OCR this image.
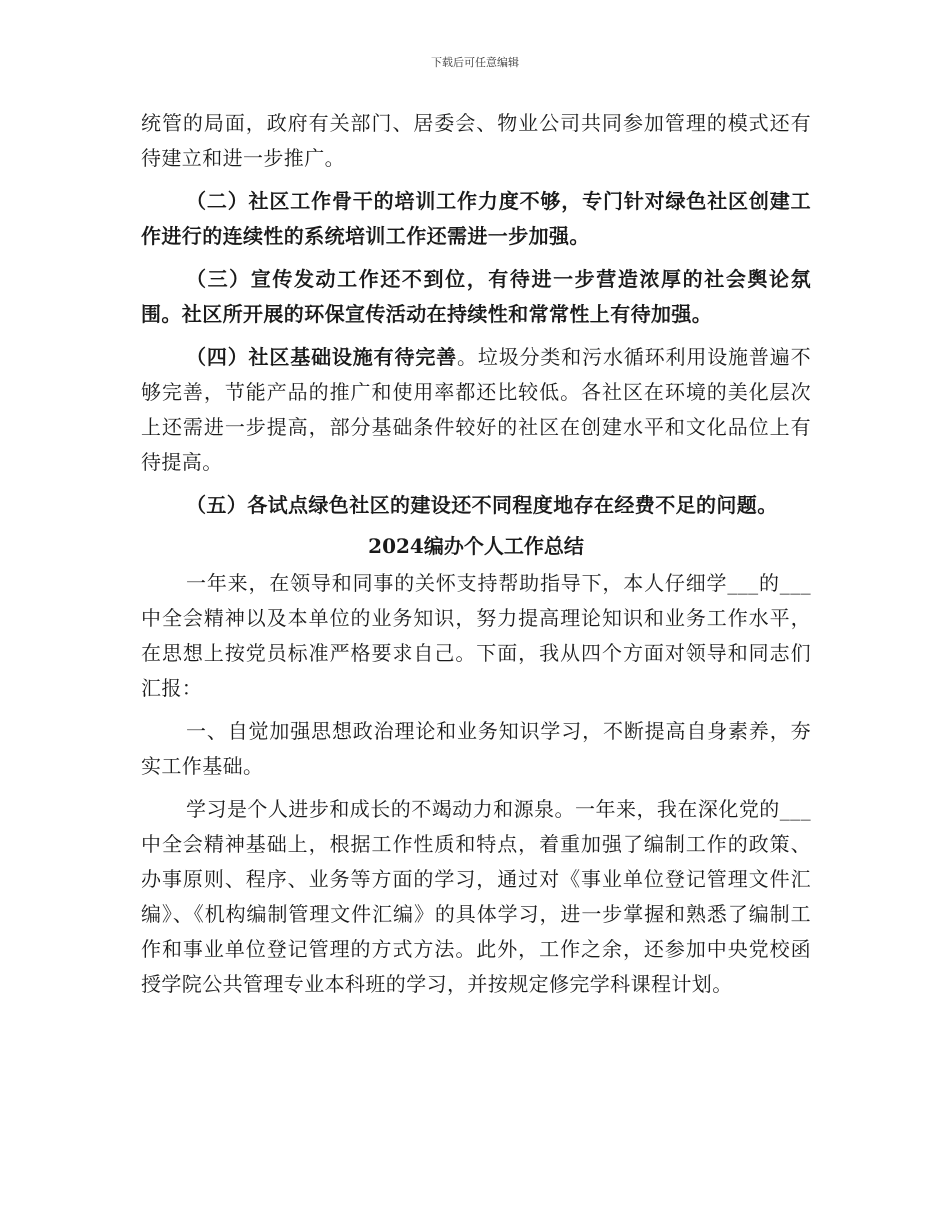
下载后可任意编辑

统管的局面，政府有关部门、居委会、物业公司共同参加管理的模式还有待建立和进一步推广。

（二）社区工作骨干的培训工作力度不够，专门针对绿色社区创建工作进行的连续性的系统培训工作还需进一步加强。

（三）宣传发动工作还不到位，有待进一步营造浓厚的社会舆论氛围。社区所开展的环保宣传活动在持续性和常常性上有待加强。

（四）社区基础设施有待完善。垃圾分类和污水循环利用设施普遍不够完善，节能产品的推广和使用率都还比较低。各社区在环境的美化层次上还需进一步提高，部分基础条件较好的社区在创建水平和文化品位上有待提高。

（五）各试点绿色社区的建设还不同程度地存在经费不足的问题。

2024编办个人工作总结

一年来，在领导和同事的关怀支持帮助指导下，本人仔细学___的___中全会精神以及本单位的业务知识，努力提高理论知识和业务工作水平，在思想上按党员标准严格要求自己。下面，我从四个方面对领导和同志们汇报：

一、自觉加强思想政治理论和业务知识学习，不断提高自身素养，夯实工作基础。

学习是个人进步和成长的不竭动力和源泉。一年来，我在深化党的___中全会精神基础上，根据工作性质和特点，着重加强了编制工作的政策、办事原则、程序、业务等方面的学习，通过对《事业单位登记管理文件汇编》、《机构编制管理文件汇编》的具体学习，进一步掌握和熟悉了编制工作和事业单位登记管理的方式方法。此外，工作之余，还参加中央党校函授学院公共管理专业本科班的学习，并按规定修完学科课程计划。
